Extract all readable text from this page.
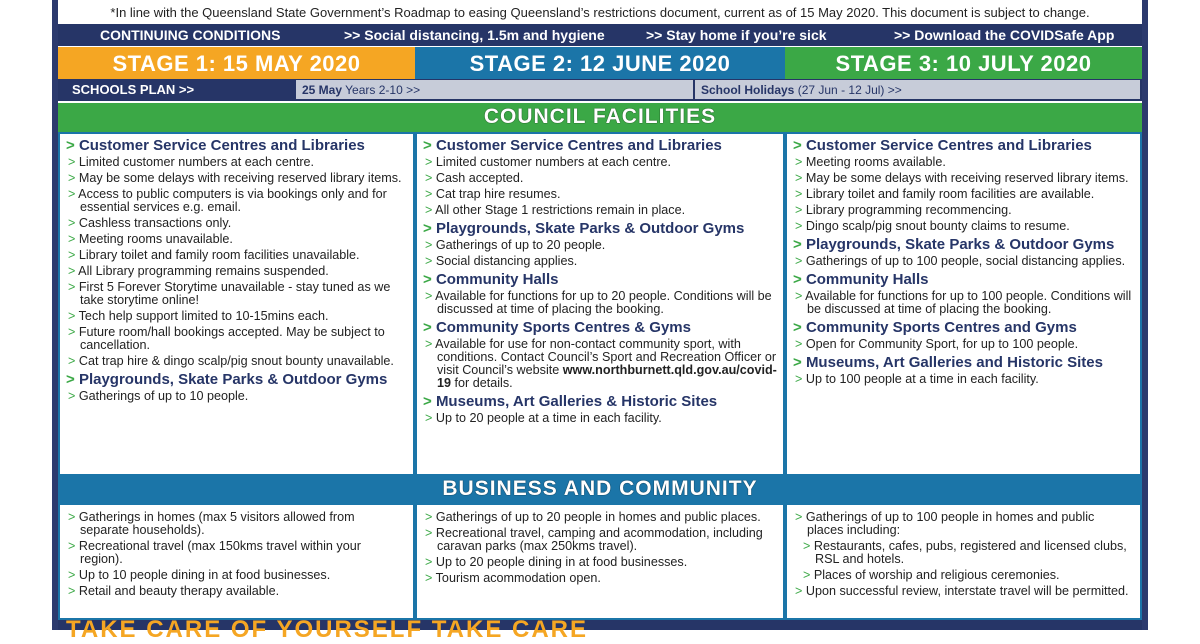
*In line with the Queensland State Government’s Roadmap to easing Queensland’s restrictions document, current as of 15 May 2020. This document is subject to change.
CONTINUING CONDITIONS	>> Social distancing, 1.5m and hygiene	>> Stay home if you’re sick	>> Download the COVIDSafe App
STAGE 1: 15 MAY 2020	STAGE 2: 12 JUNE 2020	STAGE 3: 10 JULY 2020
SCHOOLS PLAN >>	25 May Years 2-10 >>	School Holidays (27 Jun - 12 Jul) >>
COUNCIL FACILITIES
> Customer Service Centres and Libraries
> Limited customer numbers at each centre.
> May be some delays with receiving reserved library items.
> Access to public computers is via bookings only and for essential services e.g. email.
> Cashless transactions only.
> Meeting rooms unavailable.
> Library toilet and family room facilities unavailable.
> All Library programming remains suspended.
> First 5 Forever Storytime unavailable - stay tuned as we take storytime online!
> Tech help support limited to 10-15mins each.
> Future room/hall bookings accepted. May be subject to cancellation.
> Cat trap hire & dingo scalp/pig snout bounty unavailable.
> Playgrounds, Skate Parks & Outdoor Gyms
> Gatherings of up to 10 people.
> Customer Service Centres and Libraries
> Limited customer numbers at each centre.
> Cash accepted.
> Cat trap hire resumes.
> All other Stage 1 restrictions remain in place.
> Playgrounds, Skate Parks & Outdoor Gyms
> Gatherings of up to 20 people.
> Social distancing applies.
> Community Halls
> Available for functions for up to 20 people. Conditions will be discussed at time of placing the booking.
> Community Sports Centres & Gyms
> Available for use for non-contact community sport, with conditions. Contact Council’s Sport and Recreation Officer or visit Council’s website www.northburnett.qld.gov.au/covid-19 for details.
> Museums, Art Galleries & Historic Sites
> Up to 20 people at a time in each facility.
> Customer Service Centres and Libraries
> Meeting rooms available.
> May be some delays with receiving reserved library items.
> Library toilet and family room facilities are available.
> Library programming recommencing.
> Dingo scalp/pig snout bounty claims to resume.
> Playgrounds, Skate Parks & Outdoor Gyms
> Gatherings of up to 100 people, social distancing applies.
> Community Halls
> Available for functions for up to 100 people. Conditions will be discussed at time of placing the booking.
> Community Sports Centres and Gyms
> Open for Community Sport, for up to 100 people.
> Museums, Art Galleries and Historic Sites
> Up to 100 people at a time in each facility.
BUSINESS AND COMMUNITY
> Gatherings in homes (max 5 visitors allowed from separate households).
> Recreational travel (max 150kms travel within your region).
> Up to 10 people dining in at food businesses.
> Retail and beauty therapy available.
> Gatherings of up to 20 people in homes and public places.
> Recreational travel, camping and acommodation, including caravan parks (max 250kms travel).
> Up to 20 people dining in at food businesses.
> Tourism acommodation open.
> Gatherings of up to 100 people in homes and public places including:
> Restaurants, cafes, pubs, registered and licensed clubs, RSL and hotels.
> Places of worship and religious ceremonies.
> Upon successful review, interstate travel will be permitted.
TAKE CARE OF YOURSELF TAKE CARE
